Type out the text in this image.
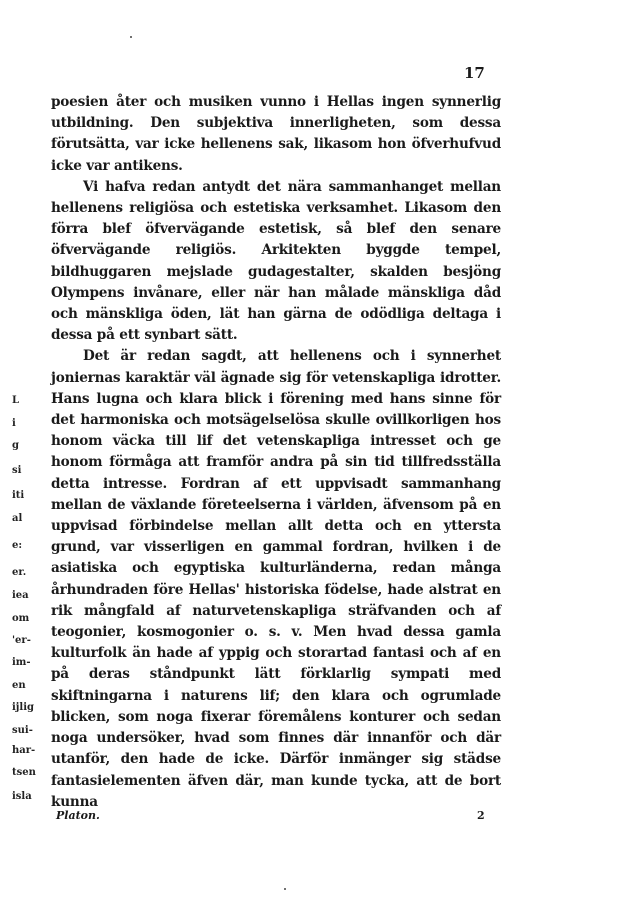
17

poesien åter och musiken vunno i Hellas ingen synnerlig utbildning. Den subjektiva innerligheten, som dessa förutsätta, var icke hellenens sak, likasom hon öfverhufvud icke var antikens.

Vi hafva redan antydt det nära sammanhanget mellan hellenens religiösa och estetiska verksamhet. Likasom den förra blef öfvervägande estetisk, så blef den senare öfvervägande religiös. Arkitekten byggde tempel, bildhuggaren mejslade gudagestalter, skalden besjöng Olympens invånare, eller när han målade mänskliga dåd och mänskliga öden, lät han gärna de odödliga deltaga i dessa på ett synbart sätt.

Det är redan sagdt, att hellenens och i synnerhet joniernas karaktär väl ägnade sig för vetenskapliga idrotter. Hans lugna och klara blick i förening med hans sinne för det harmoniska och motsägelselösa skulle ovillkorligen hos honom väcka till lif det vetenskapliga intresset och ge honom förmåga att framför andra på sin tid tillfredsställa detta intresse. Fordran af ett uppvisadt sammanhang mellan de växlande företeelserna i världen, äfvensom på en uppvisad förbindelse mellan allt detta och en yttersta grund, var visserligen en gammal fordran, hvilken i de asiatiska och egyptiska kulturländerna, redan många århundraden före Hellas' historiska födelse, hade alstrat en rik mångfald af naturvetenskapliga sträfvanden och af teogonier, kosmogonier o. s. v. Men hvad dessa gamla kulturfolk än hade af yppig och storartad fantasi och af en på deras ståndpunkt lätt förklarlig sympati med skiftningarna i naturens lif; den klara och ogrumlade blicken, som noga fixerar föremålens konturer och sedan noga undersöker, hvad som finnes där innanför och där utanför, den hade de icke. Därför inmänger sig städse fantasielementen äfven där, man kunde tycka, att de bort kunna

L
i
g
si
iti
al
e:
er.
iea
om
'er-
im-
en
ijlig
sui-
har-
tsen
isla
Platon.	2
